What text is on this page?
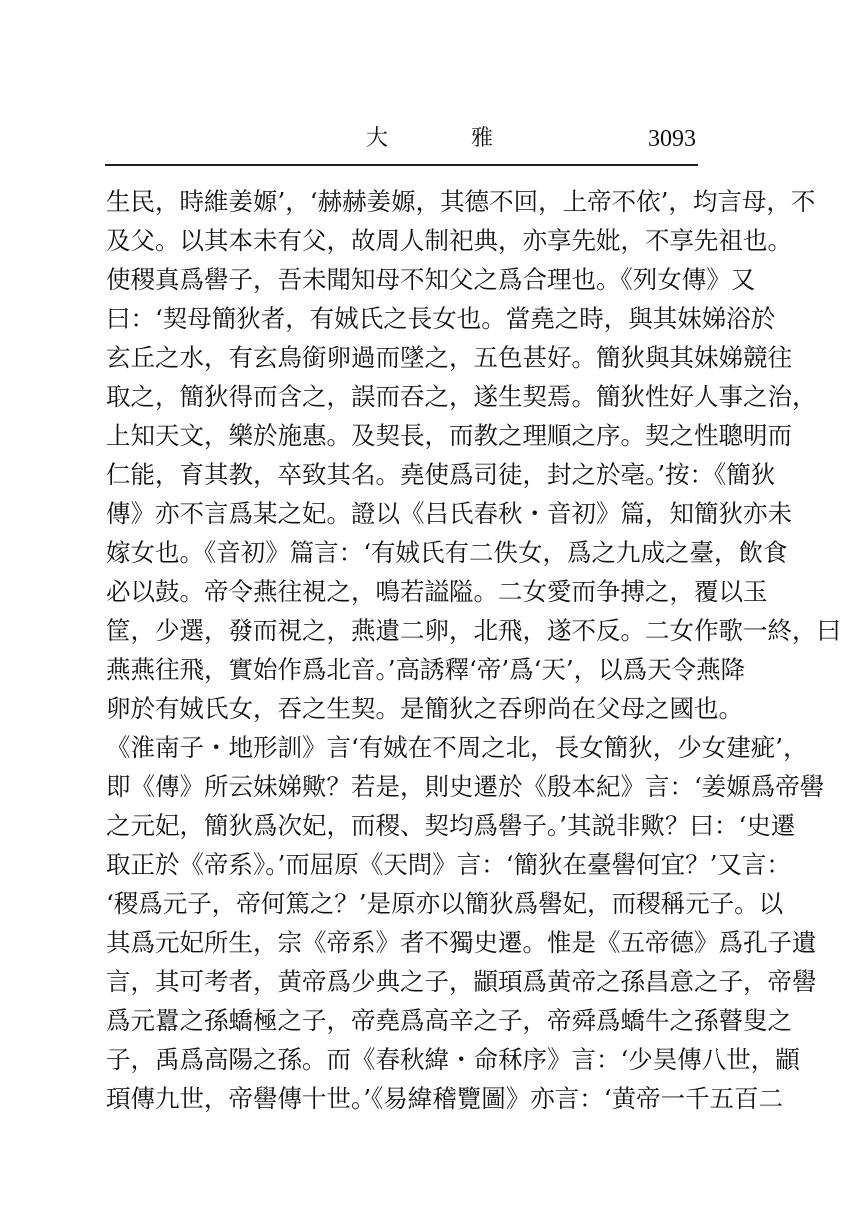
大 雅	3093
生民，時維姜嫄’，‘赫赫姜嫄，其德不回，上帝不依’，均言母，不
及父。以其本未有父，故周人制祀典，亦享先妣，不享先祖也。
使稷真爲嚳子，吾未聞知母不知父之爲合理也。《列女傳》又
曰：‘契母簡狄者，有娀氏之長女也。當堯之時，與其妹娣浴於
玄丘之水，有玄鳥銜卵過而墜之，五色甚好。簡狄與其妹娣競往
取之，簡狄得而含之，誤而吞之，遂生契焉。簡狄性好人事之治，
上知天文，樂於施惠。及契長，而教之理順之序。契之性聰明而
仁能，育其教，卒致其名。堯使爲司徒，封之於亳。’按：《簡狄
傳》亦不言爲某之妃。證以《吕氏春秋・音初》篇，知簡狄亦未
嫁女也。《音初》篇言：‘有娀氏有二佚女，爲之九成之臺，飲食
必以鼓。帝令燕往視之，鳴若謚隘。二女愛而争搏之，覆以玉
筐，少選，發而視之，燕遺二卵，北飛，遂不反。二女作歌一終，曰
燕燕往飛，實始作爲北音。’高誘釋‘帝’爲‘天’，以爲天令燕降
卵於有娀氏女，吞之生契。是簡狄之吞卵尚在父母之國也。
《淮南子・地形訓》言‘有娀在不周之北，長女簡狄，少女建疵’，
即《傳》所云妹娣歟？若是，則史遷於《殷本紀》言：‘姜嫄爲帝嚳
之元妃，簡狄爲次妃，而稷、契均爲嚳子。’其説非歟？曰：‘史遷
取正於《帝系》。’而屈原《天問》言：‘簡狄在臺嚳何宜？’又言：
‘稷爲元子，帝何篤之？’是原亦以簡狄爲嚳妃，而稷稱元子。以
其爲元妃所生，宗《帝系》者不獨史遷。惟是《五帝德》爲孔子遺
言，其可考者，黄帝爲少典之子，顓頊爲黄帝之孫昌意之子，帝嚳
爲元囂之孫蟜極之子，帝堯爲高辛之子，帝舜爲蟜牛之孫瞽叟之
子，禹爲高陽之孫。而《春秋緯・命秝序》言：‘少昊傳八世，顓
頊傳九世，帝嚳傳十世。’《易緯稽覽圖》亦言：‘黄帝一千五百二
